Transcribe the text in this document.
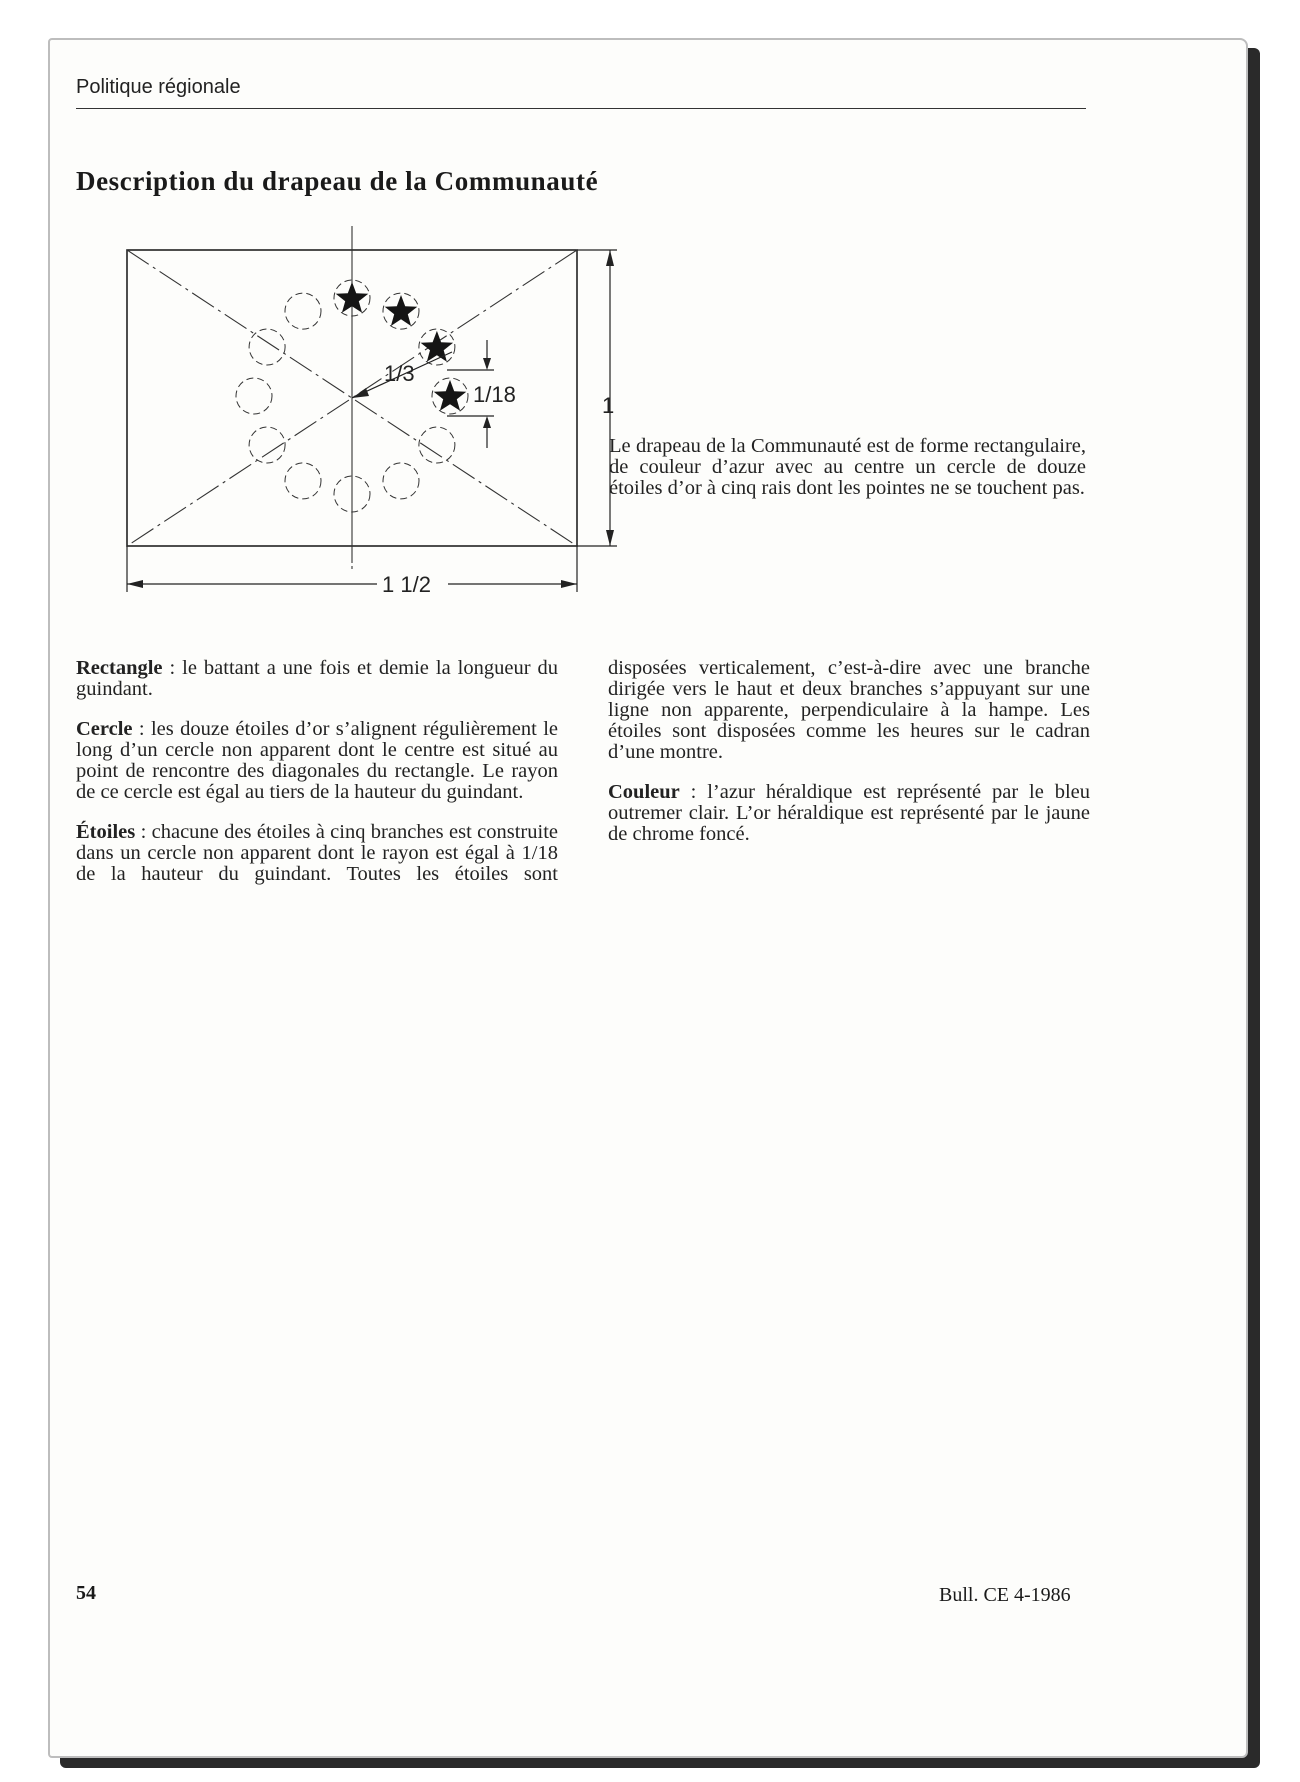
Politique régionale
Description du drapeau de la Communauté
1/3
1/18	1
1 1/2
Le drapeau de la Communauté est de forme rectangulaire, de couleur d’azur avec au centre un cercle de douze étoiles d’or à cinq rais dont les pointes ne se touchent pas.

Rectangle : le battant a une fois et demie la longueur du guindant.

Cercle : les douze étoiles d’or s’alignent régulièrement le long d’un cercle non apparent dont le centre est situé au point de rencontre des diagonales du rectangle. Le rayon de ce cercle est égal au tiers de la hauteur du guindant.

Étoiles : chacune des étoiles à cinq branches est construite dans un cercle non apparent dont le rayon est égal à 1/18 de la hauteur du guindant. Toutes les étoiles sont

disposées verticalement, c’est-à-dire avec une branche dirigée vers le haut et deux branches s’appuyant sur une ligne non apparente, perpendiculaire à la hampe. Les étoiles sont disposées comme les heures sur le cadran d’une montre.

Couleur : l’azur héraldique est représenté par le bleu outremer clair. L’or héraldique est représenté par le jaune de chrome foncé.

54	Bull. CE 4-1986
